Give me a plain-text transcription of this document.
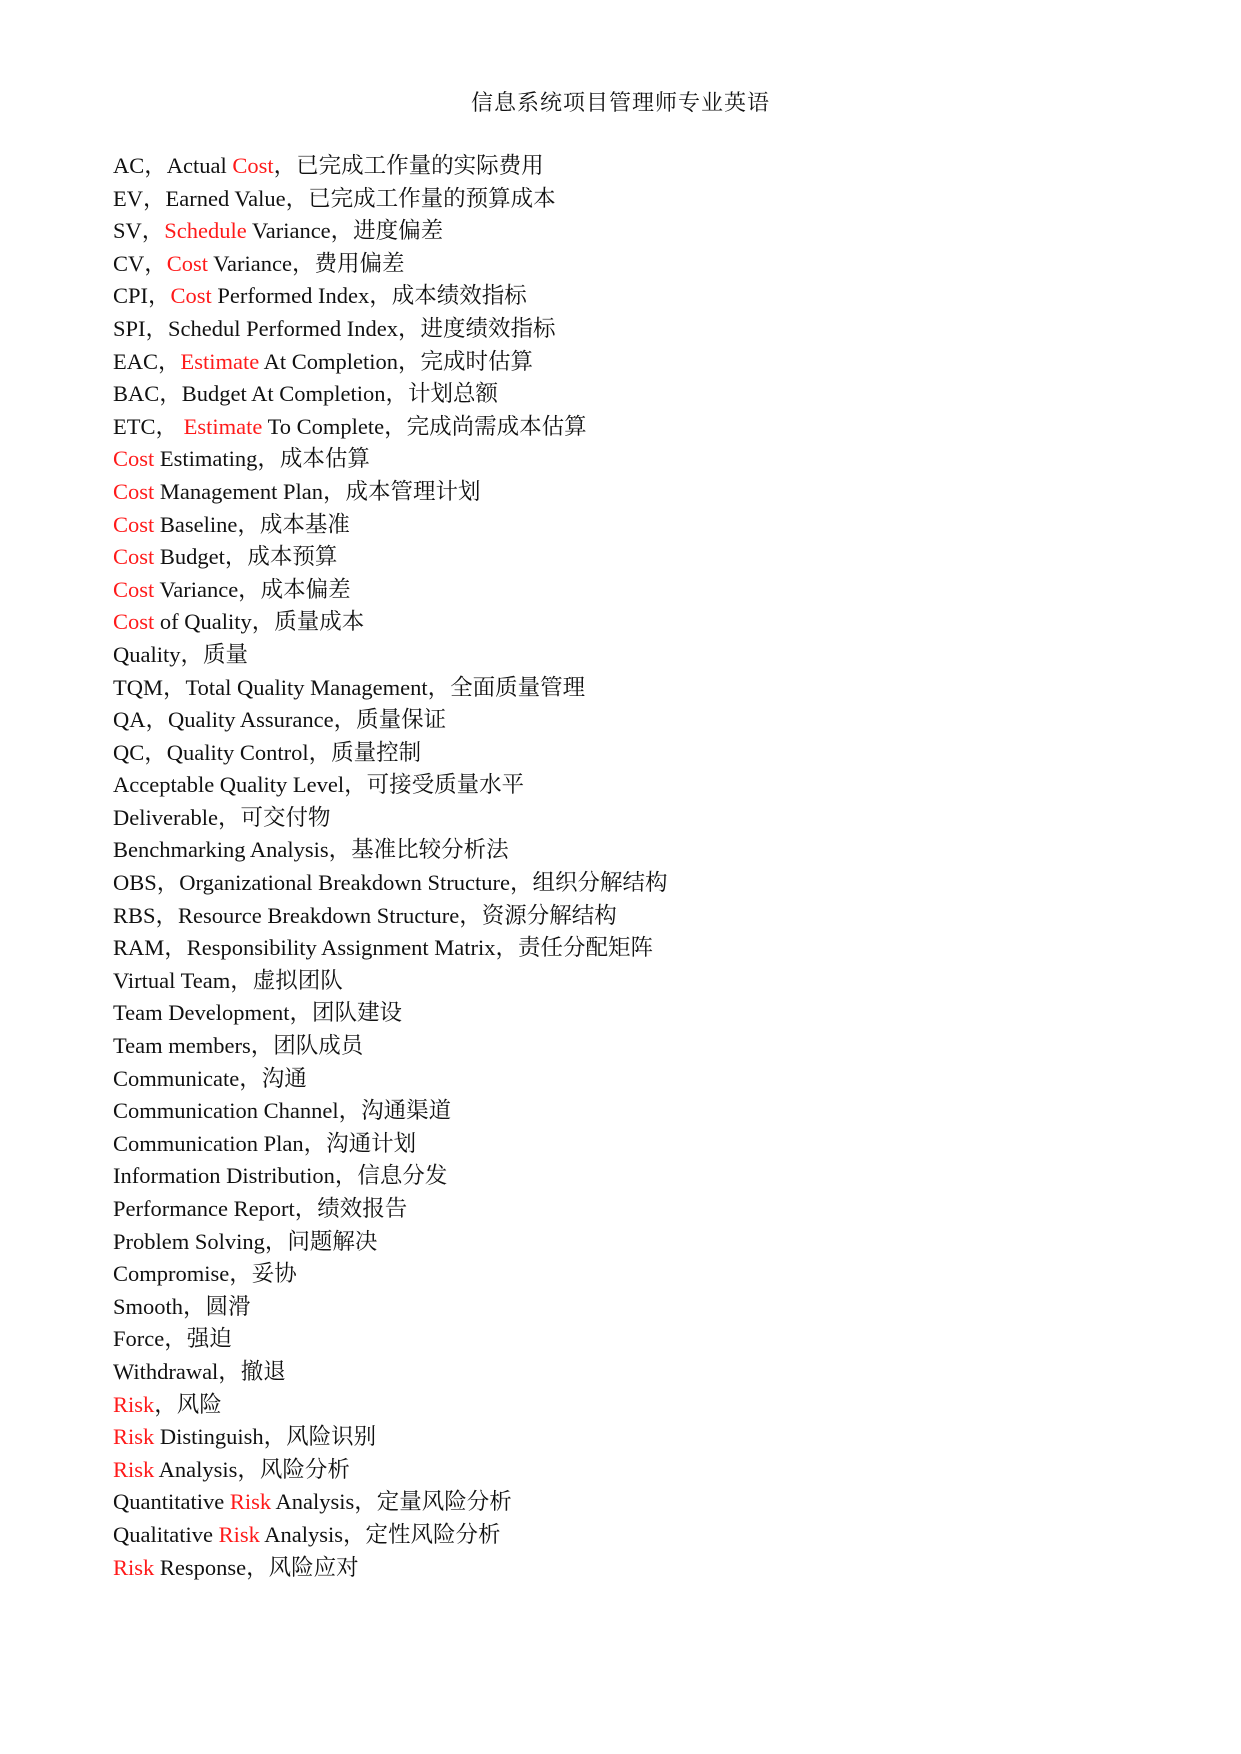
信息系统项目管理师专业英语
AC，Actual Cost，已完成工作量的实际费用
EV，Earned Value，已完成工作量的预算成本
SV，Schedule Variance，进度偏差
CV，Cost Variance，费用偏差
CPI，Cost Performed Index，成本绩效指标
SPI，Schedul Performed Index，进度绩效指标
EAC，Estimate At Completion，完成时估算
BAC，Budget At Completion，计划总额
ETC， Estimate To Complete，完成尚需成本估算
Cost Estimating，成本估算
Cost Management Plan，成本管理计划
Cost Baseline，成本基准
Cost Budget，成本预算
Cost Variance，成本偏差
Cost of Quality，质量成本
Quality，质量
TQM，Total Quality Management，全面质量管理
QA，Quality Assurance，质量保证
QC，Quality Control，质量控制
Acceptable Quality Level，可接受质量水平
Deliverable，可交付物
Benchmarking Analysis，基准比较分析法
OBS，Organizational Breakdown Structure，组织分解结构
RBS，Resource Breakdown Structure，资源分解结构
RAM，Responsibility Assignment Matrix，责任分配矩阵
Virtual Team，虚拟团队
Team Development，团队建设
Team members，团队成员
Communicate，沟通
Communication Channel，沟通渠道
Communication Plan，沟通计划
Information Distribution，信息分发
Performance Report，绩效报告
Problem Solving，问题解决
Compromise，妥协
Smooth，圆滑
Force，强迫
Withdrawal，撤退
Risk，风险
Risk Distinguish，风险识别
Risk Analysis，风险分析
Quantitative Risk Analysis，定量风险分析
Qualitative Risk Analysis，定性风险分析
Risk Response，风险应对
